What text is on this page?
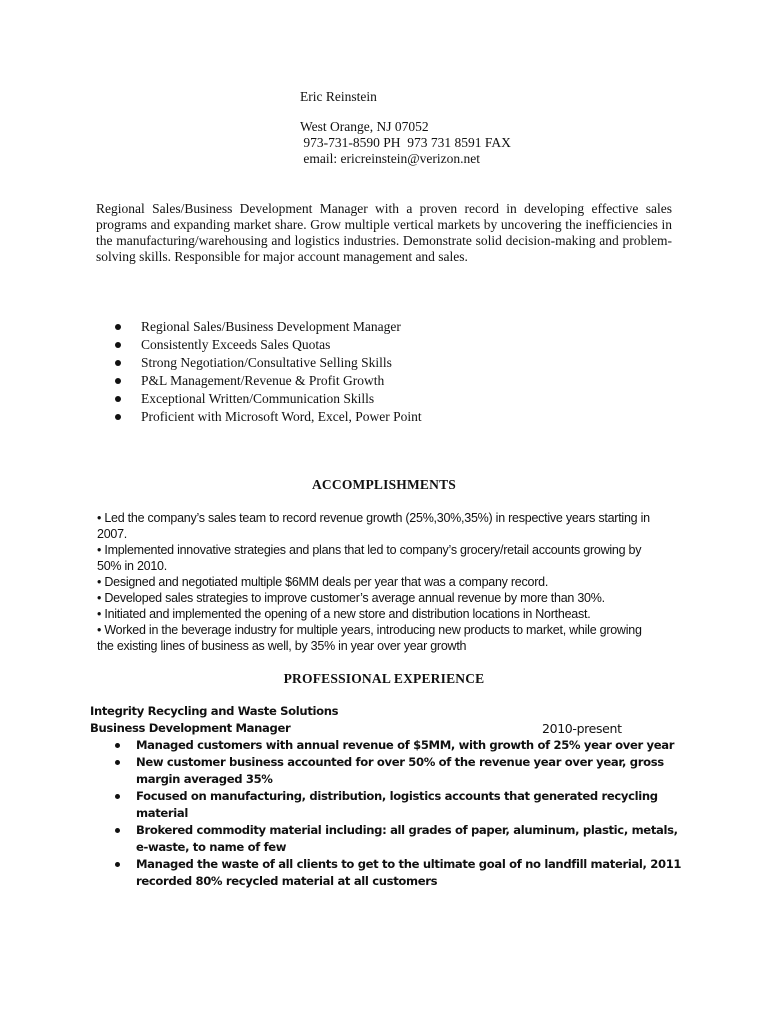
Eric Reinstein
West Orange, NJ 07052
973-731-8590 PH  973 731 8591 FAX
email: ericreinstein@verizon.net
Regional Sales/Business Development Manager with a proven record in developing effective sales programs and expanding market share. Grow multiple vertical markets by uncovering the inefficiencies in the manufacturing/warehousing and logistics industries. Demonstrate solid decision-making and problem-solving skills. Responsible for major account management and sales.
Regional Sales/Business Development Manager
Consistently Exceeds Sales Quotas
Strong Negotiation/Consultative Selling Skills
P&L Management/Revenue & Profit Growth
Exceptional Written/Communication Skills
Proficient with Microsoft Word, Excel, Power Point
ACCOMPLISHMENTS
• Led the company’s sales team to record revenue growth (25%,30%,35%) in respective years starting in 2007.
• Implemented innovative strategies and plans that led to company’s grocery/retail accounts growing by 50% in 2010.
• Designed and negotiated multiple $6MM deals per year that was a company record.
• Developed sales strategies to improve customer’s average annual revenue by more than 30%.
• Initiated and implemented the opening of a new store and distribution locations in Northeast.
• Worked in the beverage industry for multiple years, introducing new products to market, while growing the existing lines of business as well, by 35% in year over year growth
PROFESSIONAL EXPERIENCE
Integrity Recycling and Waste Solutions
Business Development Manager	2010-present
Managed customers with annual revenue of $5MM, with growth of 25% year over year
New customer business accounted for over 50% of the revenue year over year, gross margin averaged 35%
Focused on manufacturing, distribution, logistics accounts that generated recycling material
Brokered commodity material including: all grades of paper, aluminum, plastic, metals, e-waste, to name of few
Managed the waste of all clients to get to the ultimate goal of no landfill material, 2011 recorded 80% recycled material at all customers
